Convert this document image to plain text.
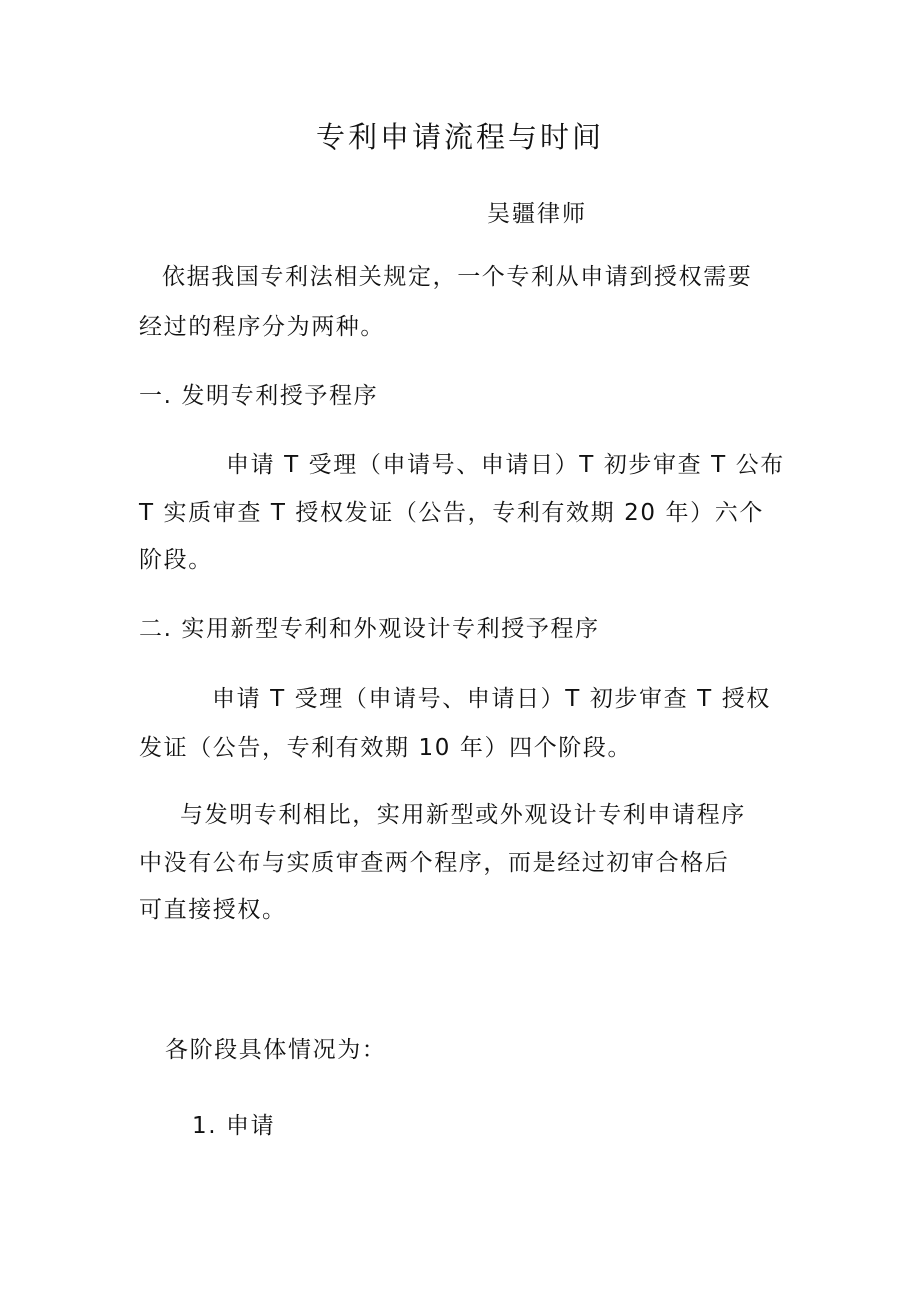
专利申请流程与时间
吴疆律师
依据我国专利法相关规定，一个专利从申请到授权需要
经过的程序分为两种。
一. 发明专利授予程序
申请 T 受理（申请号、申请日）T 初步审查 T 公布
T 实质审查 T 授权发证（公告，专利有效期 20 年）六个
阶段。
二. 实用新型专利和外观设计专利授予程序
申请 T 受理（申请号、申请日）T 初步审查 T 授权
发证（公告，专利有效期 10 年）四个阶段。
与发明专利相比，实用新型或外观设计专利申请程序
中没有公布与实质审查两个程序，而是经过初审合格后
可直接授权。
各阶段具体情况为：
1. 申请
